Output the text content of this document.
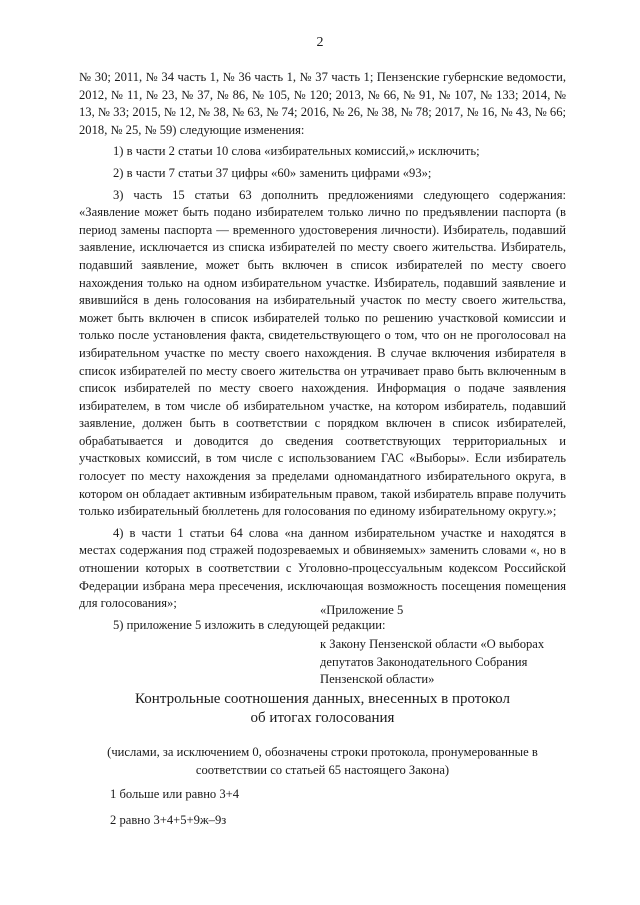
2

№ 30; 2011, № 34 часть 1, № 36 часть 1, № 37 часть 1; Пензенские губернские ведомости, 2012, № 11, № 23, № 37, № 86, № 105, № 120; 2013, № 66, № 91, № 107, № 133; 2014, № 13, № 33; 2015, № 12, № 38, № 63, № 74; 2016, № 26, № 38, № 78; 2017, № 16, № 43, № 66; 2018, № 25, № 59) следующие изменения:

1) в части 2 статьи 10 слова «избирательных комиссий,» исключить;

2) в части 7 статьи 37 цифры «60» заменить цифрами «93»;

3) часть 15 статьи 63 дополнить предложениями следующего содержания: «Заявление может быть подано избирателем только лично по предъявлении паспорта (в период замены паспорта — временного удостоверения личности). Избиратель, подавший заявление, исключается из списка избирателей по месту своего жительства. Избиратель, подавший заявление, может быть включен в список избирателей по месту своего нахождения только на одном избирательном участке. Избиратель, подавший заявление и явившийся в день голосования на избирательный участок по месту своего жительства, может быть включен в список избирателей только по решению участковой комиссии и только после установления факта, свидетельствующего о том, что он не проголосовал на избирательном участке по месту своего нахождения. В случае включения избирателя в список избирателей по месту своего жительства он утрачивает право быть включенным в список избирателей по месту своего нахождения. Информация о подаче заявления избирателем, в том числе об избирательном участке, на котором избиратель, подавший заявление, должен быть в соответствии с порядком включен в список избирателей, обрабатывается и доводится до сведения соответствующих территориальных и участковых комиссий, в том числе с использованием ГАС «Выборы». Если избиратель голосует по месту нахождения за пределами одномандатного избирательного округа, в котором он обладает активным избирательным правом, такой избиратель вправе получить только избирательный бюллетень для голосования по единому избирательному округу.»;

4) в части 1 статьи 64 слова «на данном избирательном участке и находятся в местах содержания под стражей подозреваемых и обвиняемых» заменить словами «, но в отношении которых в соответствии с Уголовно-процессуальным кодексом Российской Федерации избрана мера пресечения, исключающая возможность посещения помещения для голосования»;

5) приложение 5 изложить в следующей редакции:

«Приложение 5
к Закону Пензенской области «О выборах
депутатов Законодательного Собрания
Пензенской области»
Контрольные соотношения данных, внесенных в протокол
об итогах голосования
(числами, за исключением 0, обозначены строки протокола, пронумерованные в
соответствии со статьей 65 настоящего Закона)
1 больше или равно 3+4
2 равно 3+4+5+9ж–9з
